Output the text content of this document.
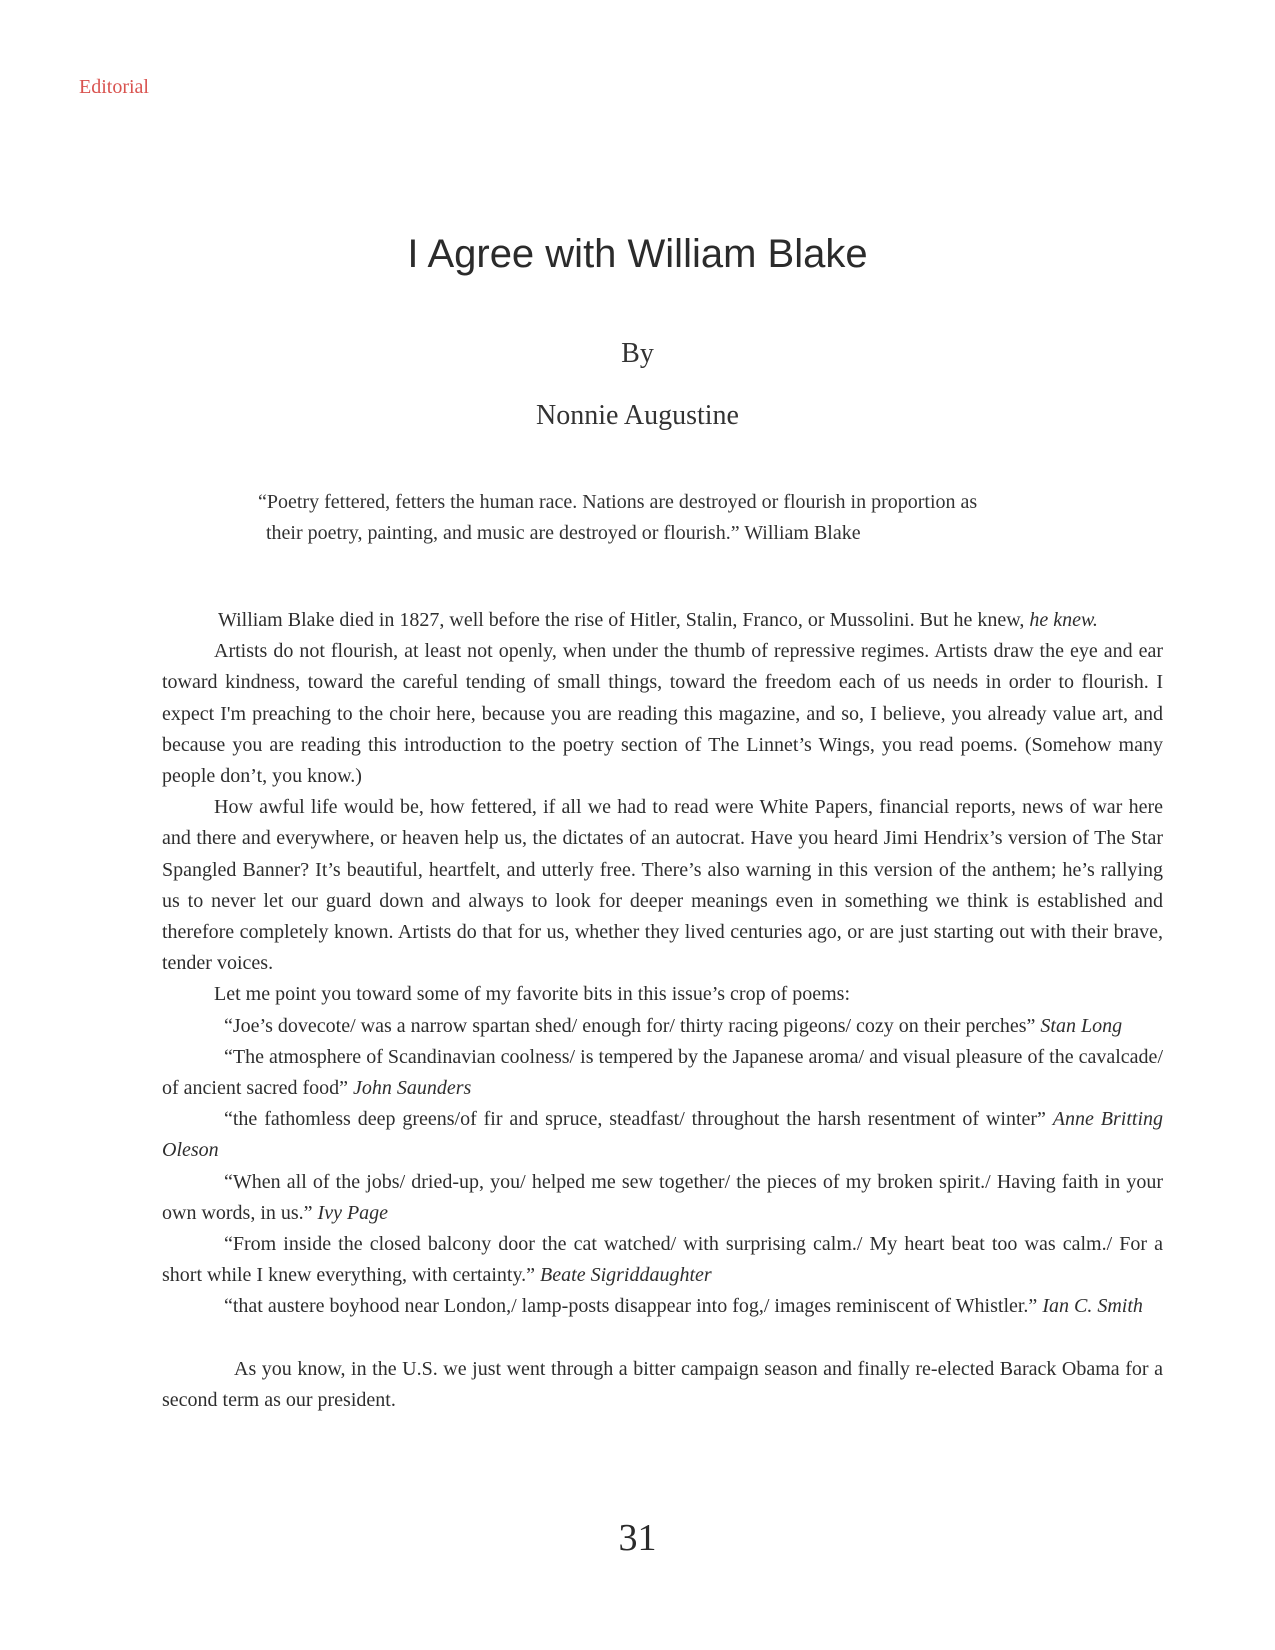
Editorial
I Agree with William Blake
By
Nonnie Augustine
“Poetry fettered, fetters the human race. Nations are destroyed or flourish in proportion as
their poetry, painting, and music are destroyed or flourish.” William Blake

William Blake died in 1827, well before the rise of Hitler, Stalin, Franco, or Mussolini. But he knew, he knew.

Artists do not flourish, at least not openly, when under the thumb of repressive regimes. Artists draw the eye and ear toward kindness, toward the careful tending of small things, toward the freedom each of us needs in order to flourish. I expect I'm preaching to the choir here, because you are reading this magazine, and so, I believe, you already value art, and because you are reading this introduction to the poetry section of The Linnet’s Wings, you read poems. (Somehow many people don’t, you know.)

How awful life would be, how fettered, if all we had to read were White Papers, financial reports, news of war here and there and everywhere, or heaven help us, the dictates of an autocrat. Have you heard Jimi Hendrix’s version of The Star Spangled Banner? It’s beautiful, heartfelt, and utterly free. There’s also warning in this version of the anthem; he’s rallying us to never let our guard down and always to look for deeper meanings even in something we think is established and therefore completely known. Artists do that for us, whether they lived centuries ago, or are just starting out with their brave, tender voices.

Let me point you toward some of my favorite bits in this issue’s crop of poems:

“Joe’s dovecote/ was a narrow spartan shed/ enough for/ thirty racing pigeons/ cozy on their perches” Stan Long

“The atmosphere of Scandinavian coolness/ is tempered by the Japanese aroma/ and visual pleasure of the cavalcade/ of ancient sacred food” John Saunders

“the fathomless deep greens/of fir and spruce, steadfast/ throughout the harsh resentment of winter” Anne Britting Oleson

“When all of the jobs/ dried-up, you/ helped me sew together/ the pieces of my broken spirit./ Having faith in your own words, in us.” Ivy Page

“From inside the closed balcony door the cat watched/ with surprising calm./ My heart beat too was calm./ For a short while I knew everything, with certainty.” Beate Sigriddaughter

“that austere boyhood near London,/ lamp-posts disappear into fog,/ images reminiscent of Whistler.” Ian C. Smith

As you know, in the U.S. we just went through a bitter campaign season and finally re-elected Barack Obama for a second term as our president.

31
